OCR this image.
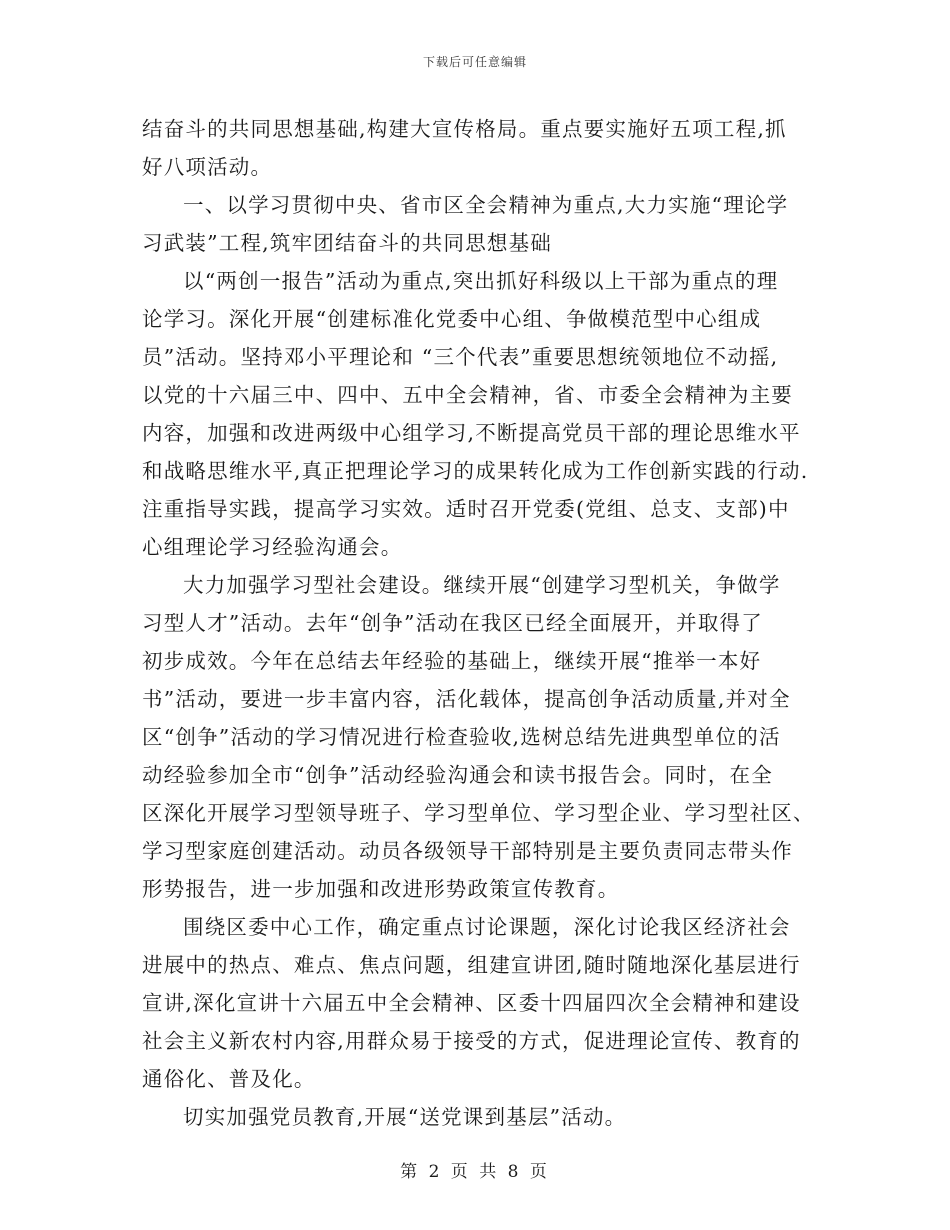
下载后可任意编辑
结奋斗的共同思想基础,构建大宣传格局。重点要实施好五项工程,抓
好八项活动。
一、以学习贯彻中央、省市区全会精神为重点,大力实施“理论学
习武装”工程,筑牢团结奋斗的共同思想基础
以“两创一报告”活动为重点,突出抓好科级以上干部为重点的理
论学习。深化开展“创建标准化党委中心组、争做模范型中心组成
员”活动。坚持邓小平理论和 “三个代表”重要思想统领地位不动摇,
以党的十六届三中、四中、五中全会精神，省、市委全会精神为主要
内容，加强和改进两级中心组学习,不断提高党员干部的理论思维水平
和战略思维水平,真正把理论学习的成果转化成为工作创新实践的行动.
注重指导实践，提高学习实效。适时召开党委(党组、总支、支部)中
心组理论学习经验沟通会。
大力加强学习型社会建设。继续开展“创建学习型机关，争做学
习型人才”活动。去年“创争”活动在我区已经全面展开，并取得了
初步成效。今年在总结去年经验的基础上，继续开展“推举一本好
书”活动，要进一步丰富内容，活化载体，提高创争活动质量,并对全
区“创争”活动的学习情况进行检查验收,选树总结先进典型单位的活
动经验参加全市“创争”活动经验沟通会和读书报告会。同时，在全
区深化开展学习型领导班子、学习型单位、学习型企业、学习型社区、
学习型家庭创建活动。动员各级领导干部特别是主要负责同志带头作
形势报告，进一步加强和改进形势政策宣传教育。
围绕区委中心工作，确定重点讨论课题，深化讨论我区经济社会
进展中的热点、难点、焦点问题，组建宣讲团,随时随地深化基层进行
宣讲,深化宣讲十六届五中全会精神、区委十四届四次全会精神和建设
社会主义新农村内容,用群众易于接受的方式，促进理论宣传、教育的
通俗化、普及化。
切实加强党员教育,开展“送党课到基层”活动。
第 2 页 共 8 页
